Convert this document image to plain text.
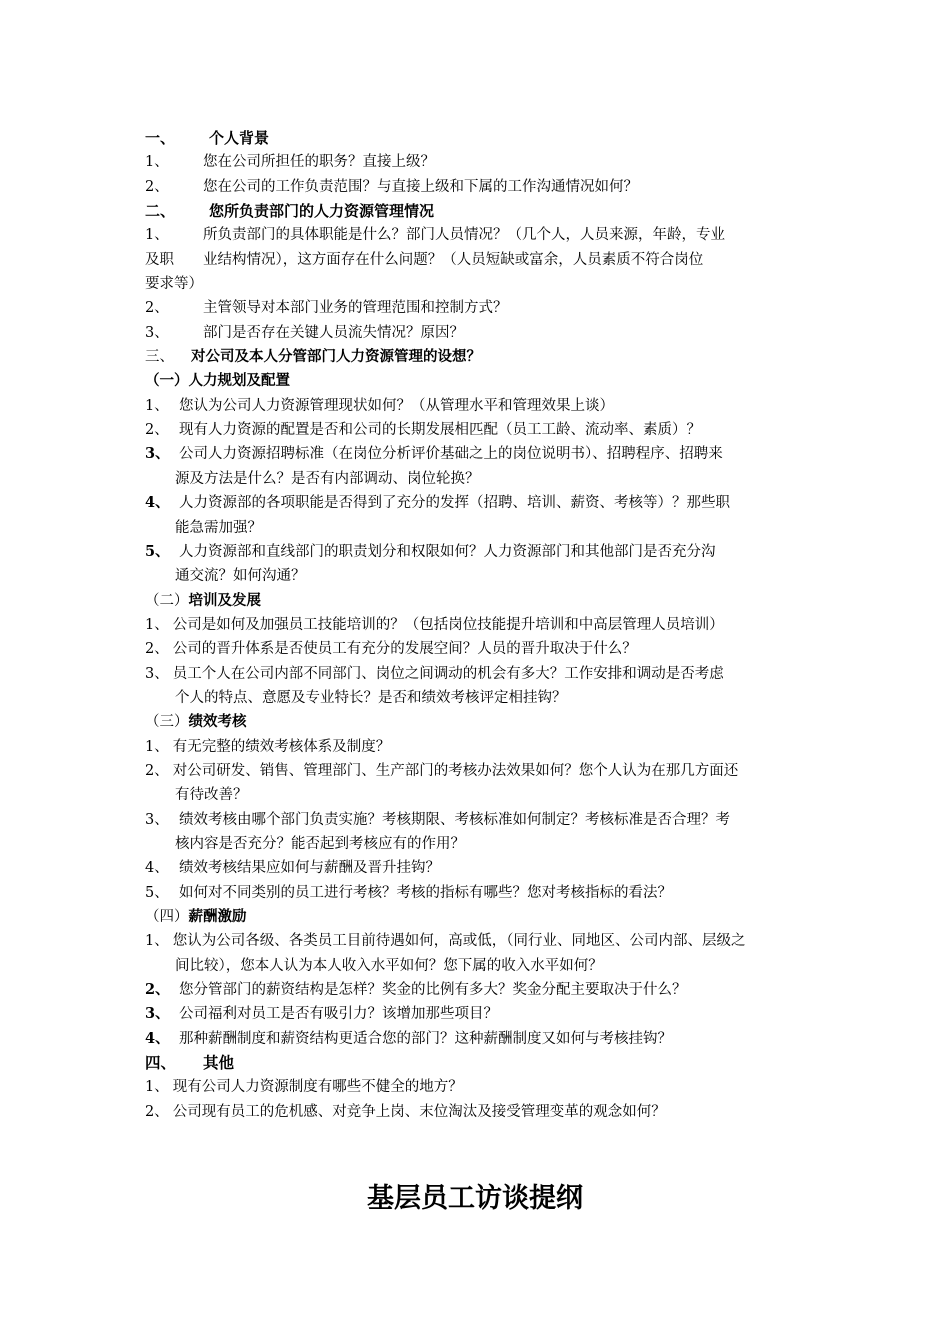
一、 个人背景
1、 您在公司所担任的职务？直接上级？
2、 您在公司的工作负责范围？与直接上级和下属的工作沟通情况如何？
二、 您所负责部门的人力资源管理情况
1、 所负责部门的具体职能是什么？部门人员情况？（几个人，人员来源，年龄，专业
及职　　业结构情况），这方面存在什么问题？（人员短缺或富余，人员素质不符合岗位
要求等）
2、 主管领导对本部门业务的管理范围和控制方式？
3、 部门是否存在关键人员流失情况？原因？
三、 对公司及本人分管部门人力资源管理的设想？
（一）人力规划及配置
1、 您认为公司人力资源管理现状如何？（从管理水平和管理效果上谈）
2、 现有人力资源的配置是否和公司的长期发展相匹配（员工工龄、流动率、素质）？
3、 公司人力资源招聘标准（在岗位分析评价基础之上的岗位说明书）、招聘程序、招聘来
源及方法是什么？是否有内部调动、岗位轮换？
4、 人力资源部的各项职能是否得到了充分的发挥（招聘、培训、薪资、考核等）？那些职
能急需加强？
5、 人力资源部和直线部门的职责划分和权限如何？人力资源部门和其他部门是否充分沟
通交流？如何沟通？
（二）培训及发展
1、 公司是如何及加强员工技能培训的？（包括岗位技能提升培训和中高层管理人员培训）
2、 公司的晋升体系是否使员工有充分的发展空间？人员的晋升取决于什么？
3、 员工个人在公司内部不同部门、岗位之间调动的机会有多大？工作安排和调动是否考虑
个人的特点、意愿及专业特长？是否和绩效考核评定相挂钩？
（三）绩效考核
1、 有无完整的绩效考核体系及制度？
2、 对公司研发、销售、管理部门、生产部门的考核办法效果如何？您个人认为在那几方面还
有待改善？
3、 绩效考核由哪个部门负责实施？考核期限、考核标准如何制定？考核标准是否合理？考
核内容是否充分？能否起到考核应有的作用？
4、 绩效考核结果应如何与薪酬及晋升挂钩？
5、 如何对不同类别的员工进行考核？考核的指标有哪些？您对考核指标的看法？
（四）薪酬激励
1、 您认为公司各级、各类员工目前待遇如何，高或低，（同行业、同地区、公司内部、层级之
间比较），您本人认为本人收入水平如何？您下属的收入水平如何？
2、 您分管部门的薪资结构是怎样？奖金的比例有多大？奖金分配主要取决于什么？
3、 公司福利对员工是否有吸引力？该增加那些项目？
4、 那种薪酬制度和薪资结构更适合您的部门？这种薪酬制度又如何与考核挂钩？
四、 其他
1、 现有公司人力资源制度有哪些不健全的地方？
2、 公司现有员工的危机感、对竞争上岗、末位淘汰及接受管理变革的观念如何？
基层员工访谈提纲
